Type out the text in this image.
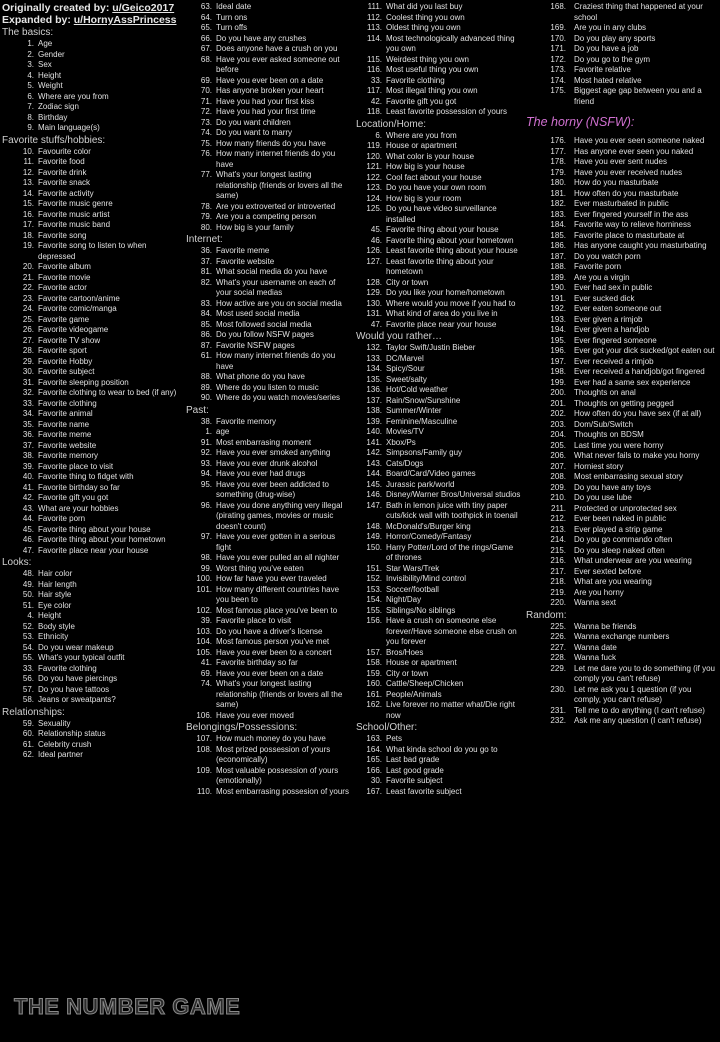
Originally created by: u/Geico2017
Expanded by: u/HornyAssPrincess
The basics:
1. Age
2. Gender
3. Sex
4. Height
5. Weight
6. Where are you from
7. Zodiac sign
8. Birthday
9. Main language(s)
Favorite stuffs/hobbies:
10. Favourite color
11. Favorite food
12. Favorite drink
13. Favorite snack
14. Favorite activity
15. Favorite music genre
16. Favorite music artist
17. Favorite music band
18. Favorite song
19. Favorite song to listen to when depressed
20. Favorite album
21. Favorite movie
22. Favorite actor
23. Favorite cartoon/anime
24. Favorite comic/manga
25. Favorite game
26. Favorite videogame
27. Favorite TV show
28. Favorite sport
29. Favorite Hobby
30. Favorite subject
31. Favorite sleeping position
32. Favorite clothing to wear to bed (if any)
33. Favorite clothing
34. Favorite animal
35. Favorite name
36. Favorite meme
37. Favorite website
38. Favorite memory
39. Favorite place to visit
40. Favorite thing to fidget with
41. Favorite birthday so far
42. Favorite gift you got
43. What are your hobbies
44. Favorite porn
45. Favorite thing about your house
46. Favorite thing about your hometown
47. Favorite place near your house
Looks:
48. Hair color
49. Hair length
50. Hair style
51. Eye color
4. Height
52. Body style
53. Ethnicity
54. Do you wear makeup
55. What's your typical outfit
33. Favorite clothing
56. Do you have piercings
57. Do you have tattoos
58. Jeans or sweatpants?
Relationships:
59. Sexuality
60. Relationship status
61. Celebrity crush
62. Ideal partner
63. Ideal date
64. Turn ons
65. Turn offs
66. Do you have any crushes
67. Does anyone have a crush on you
68. Have you ever asked someone out before
69. Have you ever been on a date
70. Has anyone broken your heart
71. Have you had your first kiss
72. Have you had your first time
73. Do you want children
74. Do you want to marry
75. How many friends do you have
76. How many internet friends do you have
77. What's your longest lasting relationship (friends or lovers all the same)
78. Are you extroverted or introverted
79. Are you a competing person
80. How big is your family
Internet:
36. Favorite meme
37. Favorite website
81. What social media do you have
82. What's your username on each of your social medias
83. How active are you on social media
84. Most used social media
85. Most followed social media
86. Do you follow NSFW pages
87. Favorite NSFW pages
61. How many internet friends do you have
88. What phone do you have
89. Where do you listen to music
90. Where do you watch movies/series
Past:
38. Favorite memory
1. age
91. Most embarrasing moment
92. Have you ever smoked anything
93. Have you ever drunk alcohol
94. Have you ever had drugs
95. Have you ever been addicted to something (drug-wise)
96. Have you done anything very illegal (pirating games, movies or music doesn't count)
97. Have you ever gotten in a serious fight
98. Have you ever pulled an all nighter
99. Worst thing you've eaten
100. How far have you ever traveled
101. How many different countries have you been to
102. Most famous place you've been to
39. Favorite place to visit
103. Do you have a driver's license
104. Most famous person you've met
105. Have you ever been to a concert
41. Favorite birthday so far
69. Have you ever been on a date
74. What's your longest lasting relationship (friends or lovers all the same)
106. Have you ever moved
Belongings/Possessions:
107. How much money do you have
108. Most prized possession of yours (economically)
109. Most valuable possession of yours (emotionally)
110. Most embarrasing possesion of yours
111. What did you last buy
112. Coolest thing you own
113. Oldest thing you own
114. Most technologically advanced thing you own
115. Weirdest thing you own
116. Most useful thing you own
33. Favorite clothing
117. Most illegal thing you own
42. Favorite gift you got
118. Least favorite possession of yours
Location/Home:
6. Where are you from
119. House or apartment
120. What color is your house
121. How big is your house
122. Cool fact about your house
123. Do you have your own room
124. How big is your room
125. Do you have video surveillance installed
45. Favorite thing about your house
46. Favorite thing about your hometown
126. Least favorite thing about your house
127. Least favorite thing about your hometown
128. City or town
129. Do you like your home/hometown
130. Where would you move if you had to
131. What kind of area do you live in
47. Favorite place near your house
Would you rather…
132. Taylor Swift/Justin Bieber
133. DC/Marvel
134. Spicy/Sour
135. Sweet/salty
136. Hot/Cold weather
137. Rain/Snow/Sunshine
138. Summer/Winter
139. Feminine/Masculine
140. Movies/TV
141. Xbox/Ps
142. Simpsons/Family guy
143. Cats/Dogs
144. Board/Card/Video games
145. Jurassic park/world
146. Disney/Warner Bros/Universal studios
147. Bath in lemon juice with tiny paper cuts/kick wall with toothpick in toenail
148. McDonald's/Burger king
149. Horror/Comedy/Fantasy
150. Harry Potter/Lord of the rings/Game of thrones
151. Star Wars/Trek
152. Invisibility/Mind control
153. Soccer/football
154. Night/Day
155. Siblings/No siblings
156. Have a crush on someone else forever/Have someone else crush on you forever
157. Bros/Hoes
158. House or apartment
159. City or town
160. Cattle/Sheep/Chicken
161. People/Animals
162. Live forever no matter what/Die right now
School/Other:
163. Pets
164. What kinda school do you go to
165. Last bad grade
166. Last good grade
30. Favorite subject
167. Least favorite subject
168.	Craziest thing that happened at your school
169.	Are you in any clubs
170.	Do you play any sports
171.	Do you have a job
172.	Do you go to the gym
173.	Favorite relative
174.	Most hated relative
175.	Biggest age gap between you and a friend
The horny (NSFW):
176.	Have you ever seen someone naked
177.	Has anyone ever seen you naked
178.	Have you ever sent nudes
179.	Have you ever received nudes
180.	How do you masturbate
181.	How often do you masturbate
182.	Ever masturbated in public
183.	Ever fingered yourself in the ass
184.	Favorite way to relieve horniness
185.	Favorite place to masturbate at
186.	Has anyone caught you masturbating
187.	Do you watch porn
188.	Favorite porn
189.	Are you a virgin
190.	Ever had sex in public
191.	Ever sucked dick
192.	Ever eaten someone out
193.	Ever given a rimjob
194.	Ever given a handjob
195.	Ever fingered someone
196.	Ever got your dick sucked/got eaten out
197.	Ever received a rimjob
198.	Ever received a handjob/got fingered
199.	Ever had a same sex experience
200.	Thoughts on anal
201.	Thoughts on getting pegged
202.	How often do you have sex (if at all)
203.	Dom/Sub/Switch
204.	Thoughts on BDSM
205.	Last time you were horny
206.	What never fails to make you horny
207.	Horniest story
208.	Most embarrasing sexual story
209.	Do you have any toys
210.	Do you use lube
211.	Protected or unprotected sex
212.	Ever been naked in public
213.	Ever played a strip game
214.	Do you go commando often
215.	Do you sleep naked often
216.	What underwear are you wearing
217.	Ever sexted before
218.	What are you wearing
219.	Are you horny
220.	Wanna sext
Random:
225.	Wanna be friends
226.	Wanna exchange numbers
227.	Wanna date
228.	Wanna fuck
229.	Let me dare you to do something (if you comply you can't refuse)
230.	Let me ask you 1 question (if you comply, you can't refuse)
231.	Tell me to do anything (I can't refuse)
232.	Ask me any question (I can't refuse)
THE NUMBER GAME
